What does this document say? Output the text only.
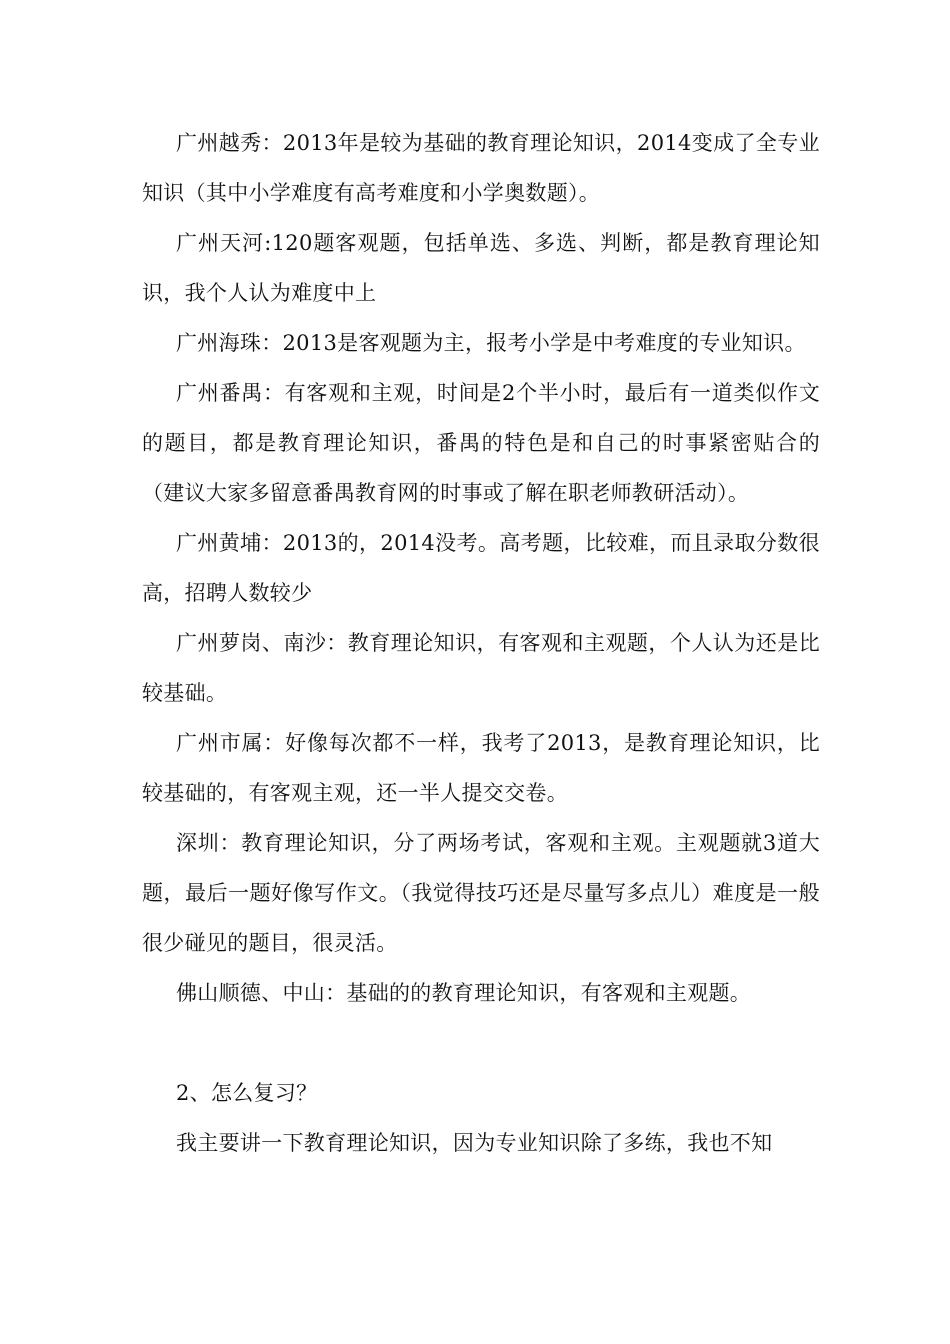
广州越秀：2013年是较为基础的教育理论知识，2014变成了全专业知识（其中小学难度有高考难度和小学奥数题）。

广州天河:120题客观题，包括单选、多选、判断，都是教育理论知识，我个人认为难度中上

广州海珠：2013是客观题为主，报考小学是中考难度的专业知识。

广州番禺：有客观和主观，时间是2个半小时，最后有一道类似作文的题目，都是教育理论知识，番禺的特色是和自己的时事紧密贴合的（建议大家多留意番禺教育网的时事或了解在职老师教研活动）。

广州黄埔：2013的，2014没考。高考题，比较难，而且录取分数很高，招聘人数较少

广州萝岗、南沙：教育理论知识，有客观和主观题，个人认为还是比较基础。

广州市属：好像每次都不一样，我考了2013，是教育理论知识，比较基础的，有客观主观，还一半人提交交卷。

深圳：教育理论知识，分了两场考试，客观和主观。主观题就3道大题，最后一题好像写作文。（我觉得技巧还是尽量写多点儿）难度是一般很少碰见的题目，很灵活。

佛山顺德、中山：基础的的教育理论知识，有客观和主观题。

2、怎么复习？

我主要讲一下教育理论知识，因为专业知识除了多练，我也不知
